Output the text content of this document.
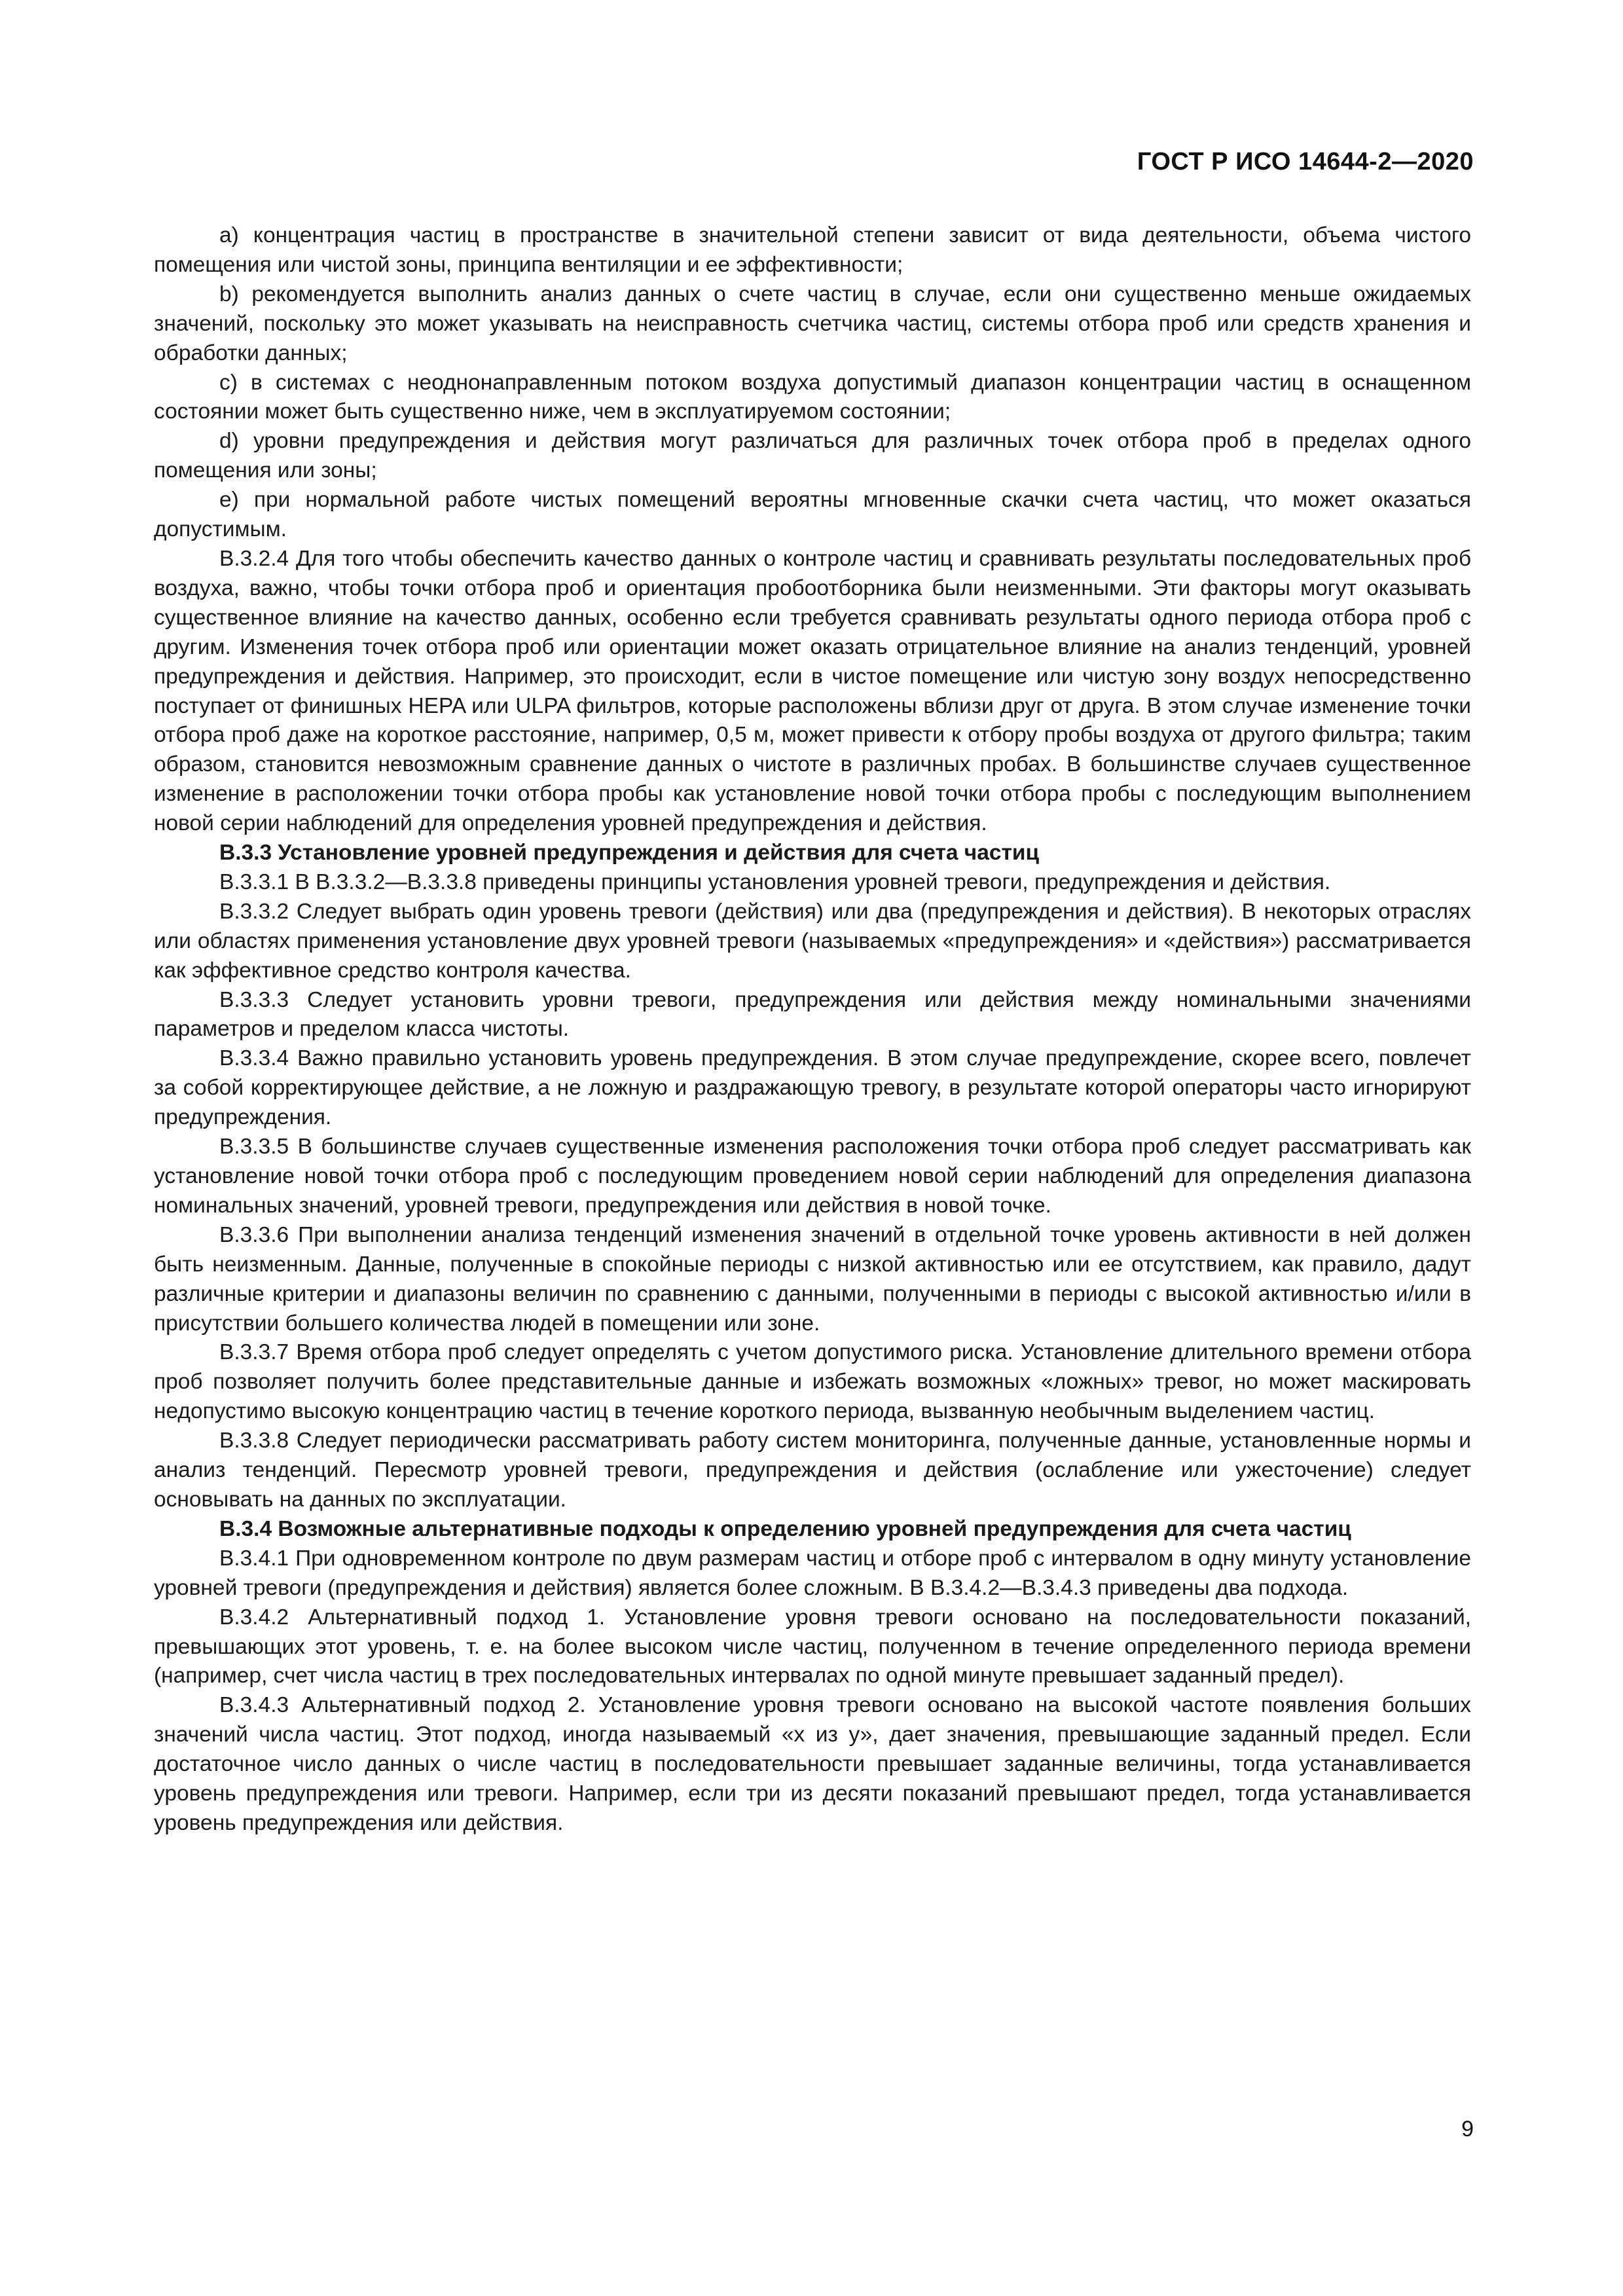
ГОСТ Р ИСО 14644-2—2020

а) концентрация частиц в пространстве в значительной степени зависит от вида деятельности, объема чистого помещения или чистой зоны, принципа вентиляции и ее эффективности;

b) рекомендуется выполнить анализ данных о счете частиц в случае, если они существенно меньше ожидаемых значений, поскольку это может указывать на неисправность счетчика частиц, системы отбора проб или средств хранения и обработки данных;

с) в системах с неоднонаправленным потоком воздуха допустимый диапазон концентрации частиц в оснащенном состоянии может быть существенно ниже, чем в эксплуатируемом состоянии;

d) уровни предупреждения и действия могут различаться для различных точек отбора проб в пределах одного помещения или зоны;

е) при нормальной работе чистых помещений вероятны мгновенные скачки счета частиц, что может оказаться допустимым.

В.3.2.4 Для того чтобы обеспечить качество данных о контроле частиц и сравнивать результаты последовательных проб воздуха, важно, чтобы точки отбора проб и ориентация пробоотборника были неизменными. Эти факторы могут оказывать существенное влияние на качество данных, особенно если требуется сравнивать результаты одного периода отбора проб с другим. Изменения точек отбора проб или ориентации может оказать отрицательное влияние на анализ тенденций, уровней предупреждения и действия. Например, это происходит, если в чистое помещение или чистую зону воздух непосредственно поступает от финишных HEPA или ULPA фильтров, которые расположены вблизи друг от друга. В этом случае изменение точки отбора проб даже на короткое расстояние, например, 0,5 м, может привести к отбору пробы воздуха от другого фильтра; таким образом, становится невозможным сравнение данных о чистоте в различных пробах. В большинстве случаев существенное изменение в расположении точки отбора пробы как установление новой точки отбора пробы с последующим выполнением новой серии наблюдений для определения уровней предупреждения и действия.

В.3.3 Установление уровней предупреждения и действия для счета частиц

В.3.3.1 В В.3.3.2—В.3.3.8 приведены принципы установления уровней тревоги, предупреждения и действия.

В.3.3.2 Следует выбрать один уровень тревоги (действия) или два (предупреждения и действия). В некоторых отраслях или областях применения установление двух уровней тревоги (называемых «предупреждения» и «действия») рассматривается как эффективное средство контроля качества.

В.3.3.3 Следует установить уровни тревоги, предупреждения или действия между номинальными значениями параметров и пределом класса чистоты.

В.3.3.4 Важно правильно установить уровень предупреждения. В этом случае предупреждение, скорее всего, повлечет за собой корректирующее действие, а не ложную и раздражающую тревогу, в результате которой операторы часто игнорируют предупреждения.

В.3.3.5 В большинстве случаев существенные изменения расположения точки отбора проб следует рассматривать как установление новой точки отбора проб с последующим проведением новой серии наблюдений для определения диапазона номинальных значений, уровней тревоги, предупреждения или действия в новой точке.

В.3.3.6 При выполнении анализа тенденций изменения значений в отдельной точке уровень активности в ней должен быть неизменным. Данные, полученные в спокойные периоды с низкой активностью или ее отсутствием, как правило, дадут различные критерии и диапазоны величин по сравнению с данными, полученными в периоды с высокой активностью и/или в присутствии большего количества людей в помещении или зоне.

В.3.3.7 Время отбора проб следует определять с учетом допустимого риска. Установление длительного времени отбора проб позволяет получить более представительные данные и избежать возможных «ложных» тревог, но может маскировать недопустимо высокую концентрацию частиц в течение короткого периода, вызванную необычным выделением частиц.

В.3.3.8 Следует периодически рассматривать работу систем мониторинга, полученные данные, установленные нормы и анализ тенденций. Пересмотр уровней тревоги, предупреждения и действия (ослабление или ужесточение) следует основывать на данных по эксплуатации.

В.3.4 Возможные альтернативные подходы к определению уровней предупреждения для счета частиц

В.3.4.1 При одновременном контроле по двум размерам частиц и отборе проб с интервалом в одну минуту установление уровней тревоги (предупреждения и действия) является более сложным. В В.3.4.2—В.3.4.3 приведены два подхода.

В.3.4.2 Альтернативный подход 1. Установление уровня тревоги основано на последовательности показаний, превышающих этот уровень, т. е. на более высоком числе частиц, полученном в течение определенного периода времени (например, счет числа частиц в трех последовательных интервалах по одной минуте превышает заданный предел).

В.3.4.3 Альтернативный подход 2. Установление уровня тревоги основано на высокой частоте появления больших значений числа частиц. Этот подход, иногда называемый «х из у», дает значения, превышающие заданный предел. Если достаточное число данных о числе частиц в последовательности превышает заданные величины, тогда устанавливается уровень предупреждения или тревоги. Например, если три из десяти показаний превышают предел, тогда устанавливается уровень предупреждения или действия.

9
